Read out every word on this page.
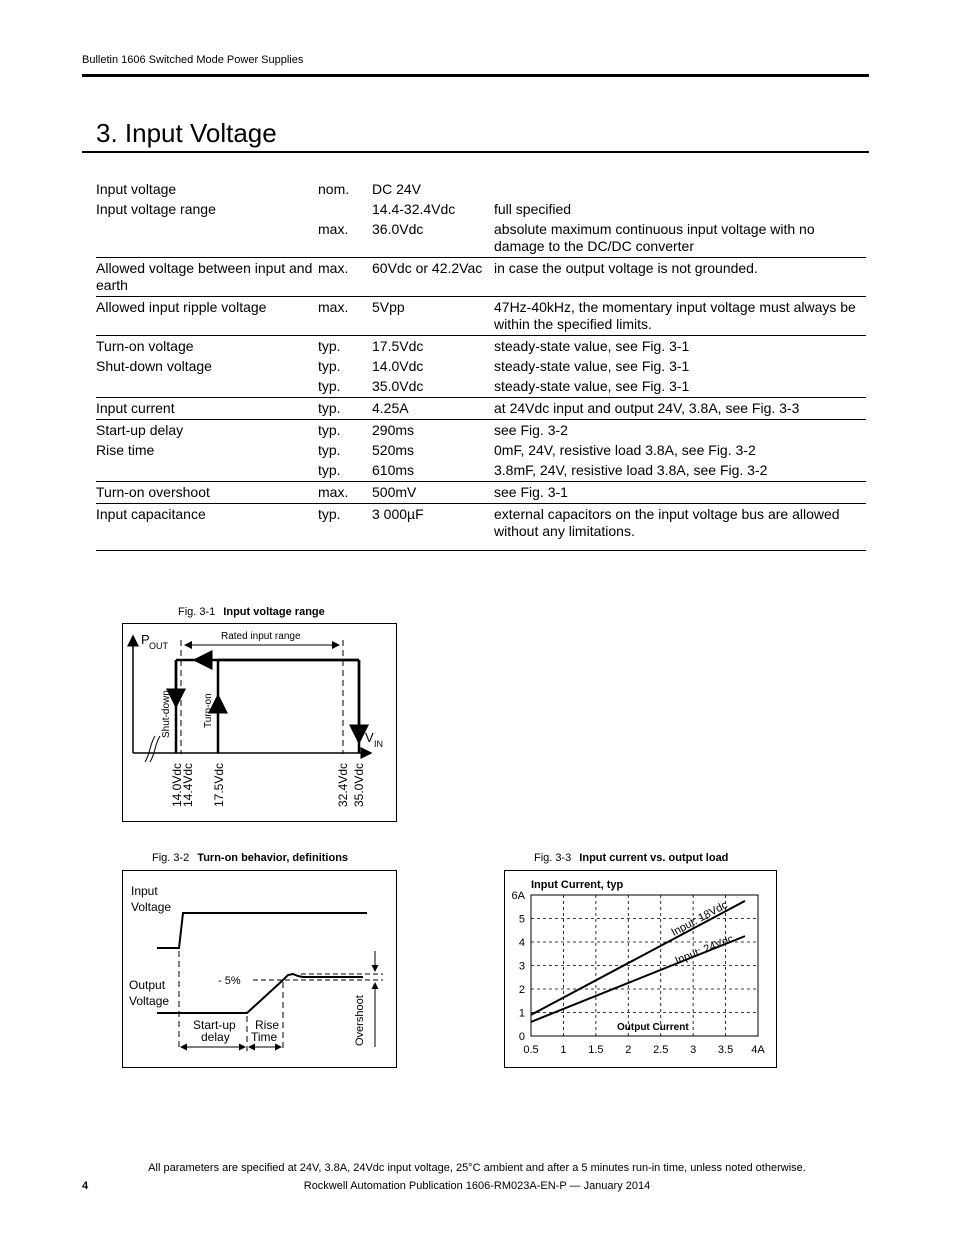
Bulletin 1606 Switched Mode Power Supplies
3. Input Voltage
Input voltage	nom.	DC 24V	
Input voltage range		14.4-32.4Vdc	full specified
	max.	36.0Vdc	absolute maximum continuous input voltage with no damage to the DC/DC converter
Allowed voltage between input and earth	max.	60Vdc or 42.2Vac	in case the output voltage is not grounded.
Allowed input ripple voltage	max.	5Vpp	47Hz-40kHz, the momentary input voltage must always be within the specified limits.
Turn-on voltage	typ.	17.5Vdc	steady-state value, see Fig. 3-1
Shut-down voltage	typ.	14.0Vdc	steady-state value, see Fig. 3-1
	typ.	35.0Vdc	steady-state value, see Fig. 3-1
Input current	typ.	4.25A	at 24Vdc input and output 24V, 3.8A, see Fig. 3-3
Start-up delay	typ.	290ms	see Fig. 3-2
Rise time	typ.	520ms	0mF, 24V, resistive load 3.8A, see Fig. 3-2
	typ.	610ms	3.8mF, 24V, resistive load 3.8A, see Fig. 3-2
Turn-on overshoot	max.	500mV	see Fig. 3-1
Input capacitance	typ.	3 000µF	external capacitors on the input voltage bus are allowed without any limitations.
Fig. 3-1 Input voltage range
P OUT
V IN
Rated input range
Shut-down	Turn-on
14.0Vdc
14.4Vdc 17.5Vdc	32.4Vdc 35.0Vdc
Fig. 3-2 Turn-on behavior, definitions
Input
Voltage
Output
Voltage
- 5%
Overshoot
Start-up
delay
Rise
Time
Fig. 3-3 Input current vs. output load
0.5 1 1.5 2 2.5 3 3.5 4A
0
1
2
3
4
5
6A
Input: 18Vdc
Input: 24Vdc
Input Current, typ
Output Current
All parameters are specified at 24V, 3.8A, 24Vdc input voltage, 25°C ambient and after a 5 minutes run-in time, unless noted otherwise.
4	Rockwell Automation Publication 1606-RM023A-EN-P — January 2014
